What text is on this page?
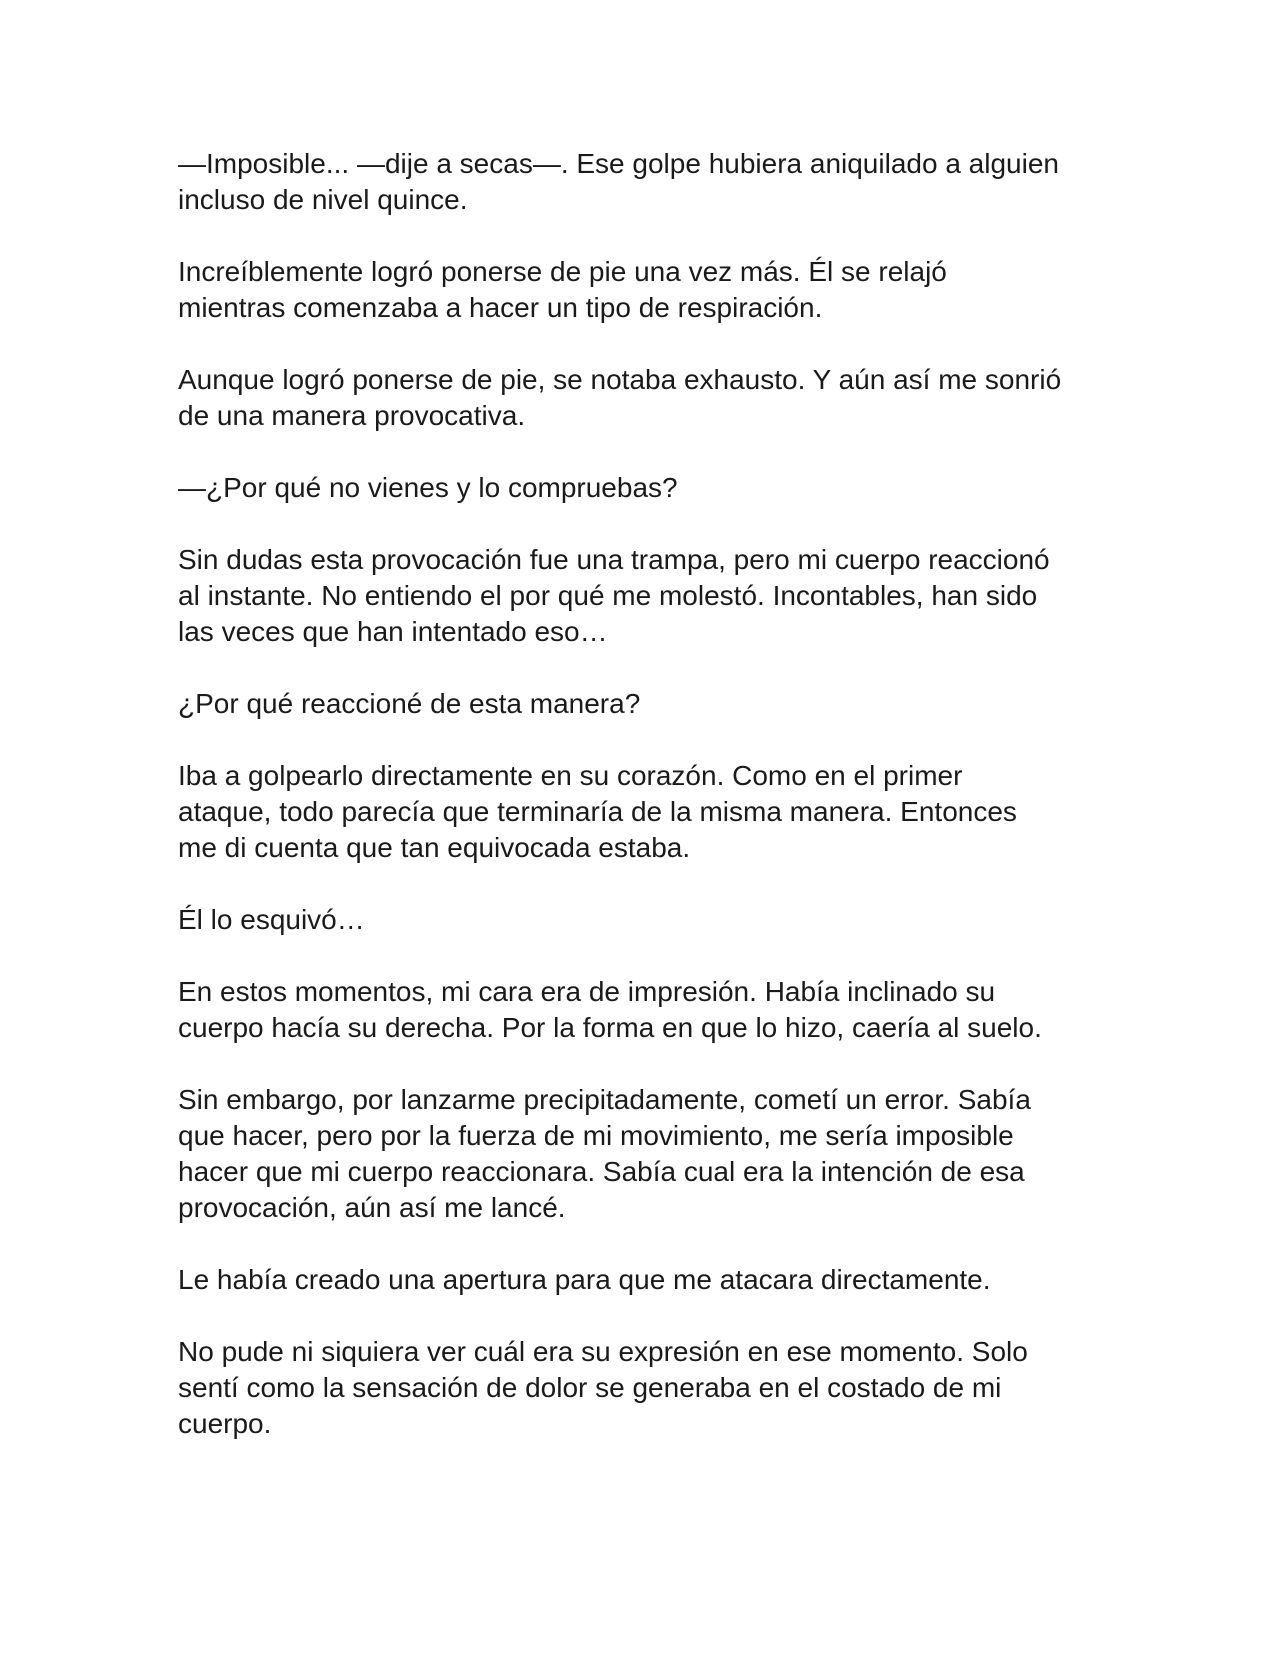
—Imposible... —dije a secas—. Ese golpe hubiera aniquilado a alguien
incluso de nivel quince.

Increíblemente logró ponerse de pie una vez más. Él se relajó
mientras comenzaba a hacer un tipo de respiración.

Aunque logró ponerse de pie, se notaba exhausto. Y aún así me sonrió
de una manera provocativa.

—¿Por qué no vienes y lo compruebas?

Sin dudas esta provocación fue una trampa, pero mi cuerpo reaccionó
al instante. No entiendo el por qué me molestó. Incontables, han sido
las veces que han intentado eso…

¿Por qué reaccioné de esta manera?

Iba a golpearlo directamente en su corazón. Como en el primer
ataque, todo parecía que terminaría de la misma manera. Entonces
me di cuenta que tan equivocada estaba.

Él lo esquivó…

En estos momentos, mi cara era de impresión. Había inclinado su
cuerpo hacía su derecha. Por la forma en que lo hizo, caería al suelo.

Sin embargo, por lanzarme precipitadamente, cometí un error. Sabía
que hacer, pero por la fuerza de mi movimiento, me sería imposible
hacer que mi cuerpo reaccionara. Sabía cual era la intención de esa
provocación, aún así me lancé.

Le había creado una apertura para que me atacara directamente.

No pude ni siquiera ver cuál era su expresión en ese momento. Solo
sentí como la sensación de dolor se generaba en el costado de mi
cuerpo.
